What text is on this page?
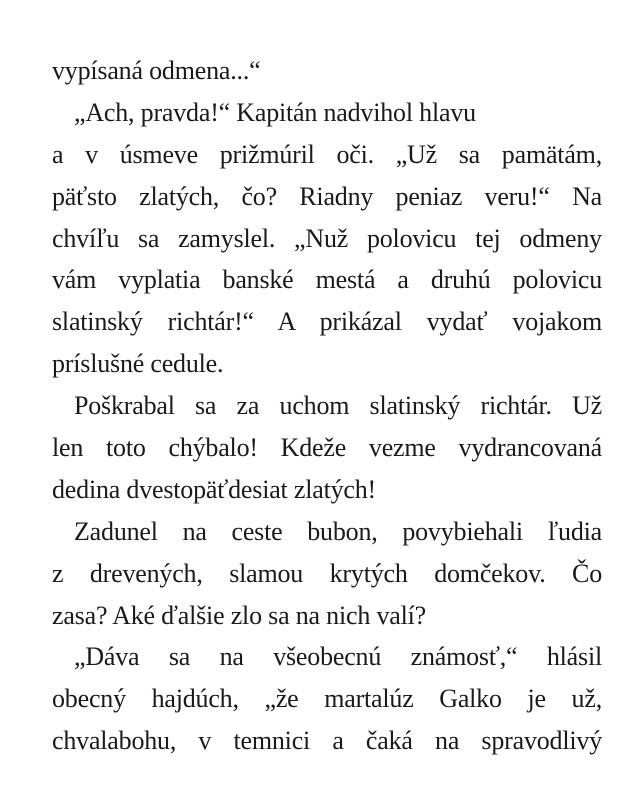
vypísaná odmena...“
„Ach, pravda!“ Kapitán nadvihol hlavu
a v úsmeve prižmúril oči. „Už sa pamätám,
päťsto zlatých, čo? Riadny peniaz veru!“ Na
chvíľu sa zamyslel. „Nuž polovicu tej odmeny
vám vyplatia banské mestá a druhú polovicu
slatinský richtár!“ A prikázal vydať vojakom
príslušné cedule.
Poškrabal sa za uchom slatinský richtár. Už
len toto chýbalo! Kdeže vezme vydrancovaná
dedina dvestopäťdesiat zlatých!
Zadunel na ceste bubon, povybiehali ľudia
z drevených, slamou krytých domčekov. Čo
zasa? Aké ďalšie zlo sa na nich valí?
„Dáva sa na všeobecnú známosť,“ hlásil
obecný hajdúch, „že martalúz Galko je už,
chvalabohu, v temnici a čaká na spravodlivý
